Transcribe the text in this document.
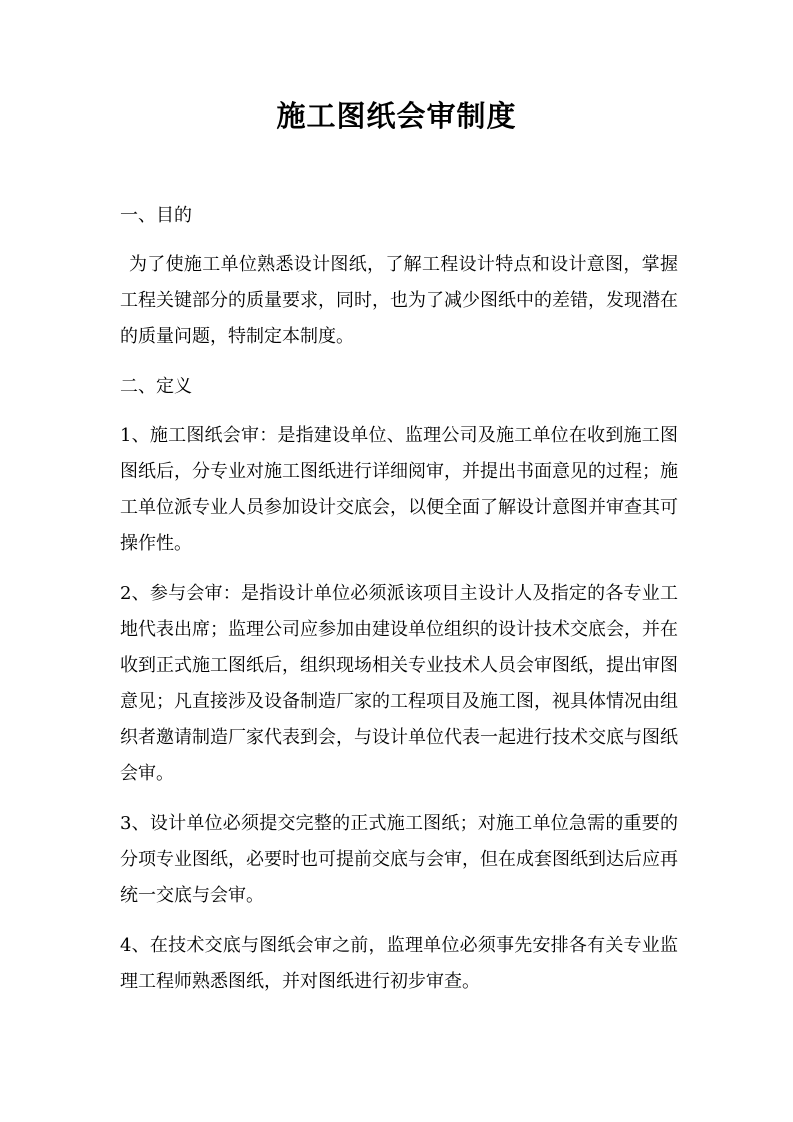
施工图纸会审制度

一、目的

为了使施工单位熟悉设计图纸，了解工程设计特点和设计意图，掌握工程关键部分的质量要求，同时，也为了减少图纸中的差错，发现潜在的质量问题，特制定本制度。

二、定义

1、施工图纸会审：是指建设单位、监理公司及施工单位在收到施工图图纸后，分专业对施工图纸进行详细阅审，并提出书面意见的过程；施工单位派专业人员参加设计交底会，以便全面了解设计意图并审查其可操作性。

2、参与会审：是指设计单位必须派该项目主设计人及指定的各专业工地代表出席；监理公司应参加由建设单位组织的设计技术交底会，并在收到正式施工图纸后，组织现场相关专业技术人员会审图纸，提出审图意见；凡直接涉及设备制造厂家的工程项目及施工图，视具体情况由组织者邀请制造厂家代表到会，与设计单位代表一起进行技术交底与图纸会审。

3、设计单位必须提交完整的正式施工图纸；对施工单位急需的重要的分项专业图纸，必要时也可提前交底与会审，但在成套图纸到达后应再统一交底与会审。

4、在技术交底与图纸会审之前，监理单位必须事先安排各有关专业监理工程师熟悉图纸，并对图纸进行初步审查。
